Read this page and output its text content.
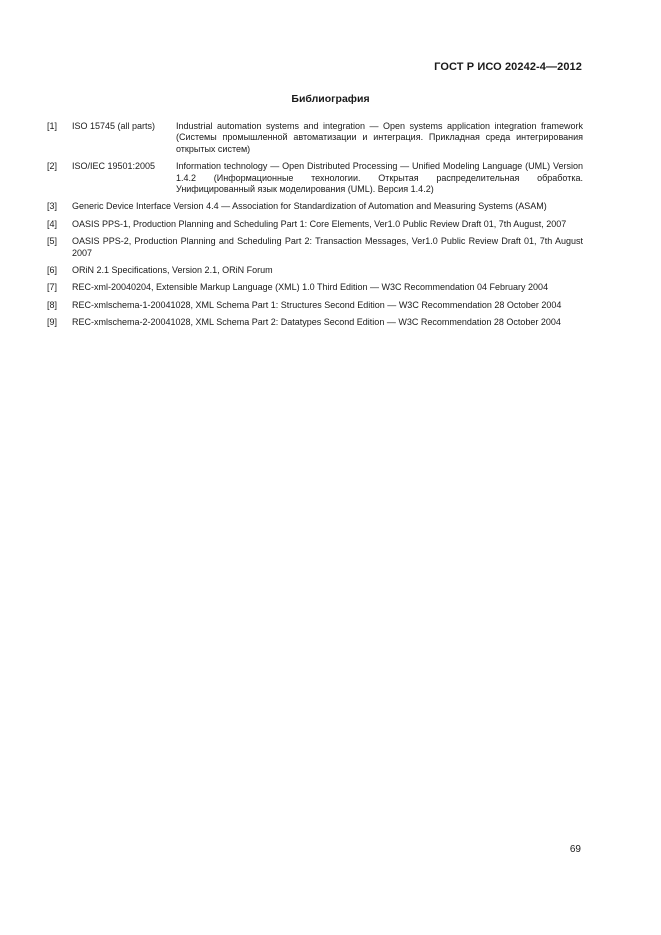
ГОСТ Р ИСО 20242-4—2012
Библиография
[1]	ISO 15745 (all parts)	Industrial automation systems and integration — Open systems application integration framework (Системы промышленной автоматизации и интеграция. Прикладная среда интегрирования открытых систем)
[2]	ISO/IEC 19501:2005	Information technology — Open Distributed Processing — Unified Modeling Language (UML) Version 1.4.2 (Информационные технологии. Открытая распределительная обработка. Унифицированный язык моделирования (UML). Версия 1.4.2)
[3]	Generic Device Interface Version 4.4 — Association for Standardization of Automation and Measuring Systems (ASAM)
[4]	OASIS PPS-1, Production Planning and Scheduling Part 1: Core Elements, Ver1.0 Public Review Draft 01, 7th August, 2007
[5]	OASIS PPS-2, Production Planning and Scheduling Part 2: Transaction Messages, Ver1.0 Public Review Draft 01, 7th August 2007
[6]	ORiN 2.1 Specifications, Version 2.1, ORiN Forum
[7]	REC-xml-20040204, Extensible Markup Language (XML) 1.0 Third Edition — W3C Recommendation 04 February 2004
[8]	REC-xmlschema-1-20041028, XML Schema Part 1: Structures Second Edition — W3C Recommendation 28 October 2004
[9]	REC-xmlschema-2-20041028, XML Schema Part 2: Datatypes Second Edition — W3C Recommendation 28 October 2004
69
